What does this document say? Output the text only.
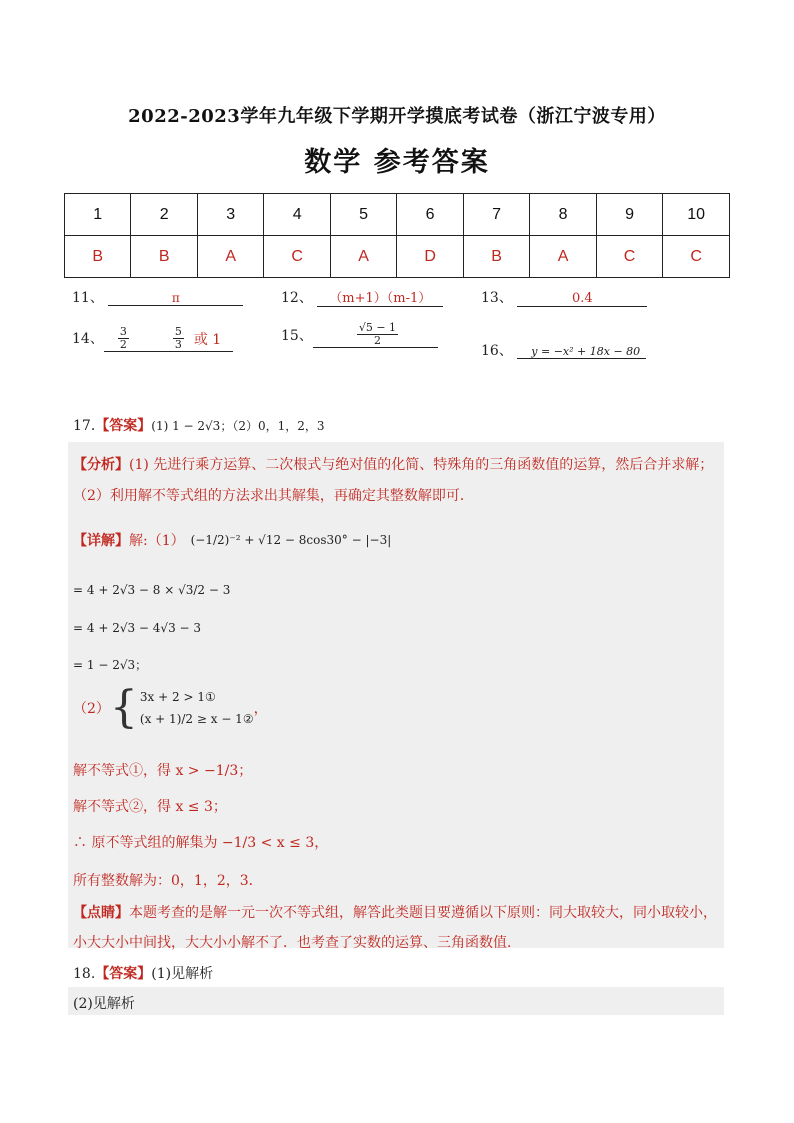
2022-2023学年九年级下学期开学摸底考试卷（浙江宁波专用）
数学 参考答案
1	2	3	4	5	6	7	8	9	10
B	B	A	C	A	D	B	A	C	C
11、	π	12、 （m+1）（m-1）	13、	0.4
14、 $\frac{3}{2}$	$\frac{5}{3}$ 或 1	15、	$\frac{√5 - 1}{2}$
16、 y = −x² + 18x − 80
17.【答案】(1) 1 − 2√3；（2）0，1，2，3
【分析】(1) 先进行乘方运算、二次根式与绝对值的化简、特殊角的三角函数值的运算，然后合并求解；
（2）利用解不等式组的方法求出其解集，再确定其整数解即可．
【详解】 解:（1） (−1/2)⁻² + √12 − 8cos30° − |−3|
= 4 + 2√3 − 8 × √3/2 − 3
= 4 + 2√3 − 4√3 − 3
= 1 − 2√3；
（2） { 3x + 2 > 1①
(x + 1)/2 ≥ x − 1②
，
解不等式①，得 x > −1/3；
解不等式②，得 x ≤ 3；
∴ 原不等式组的解集为 −1/3 < x ≤ 3，
所有整数解为：0，1，2，3．
【点睛】本题考查的是解一元一次不等式组，解答此类题目要遵循以下原则：同大取较大，同小取较小，
小大大小中间找，大大小小解不了．也考查了实数的运算、三角函数值．
18.【答案】(1)见解析
(2)见解析
